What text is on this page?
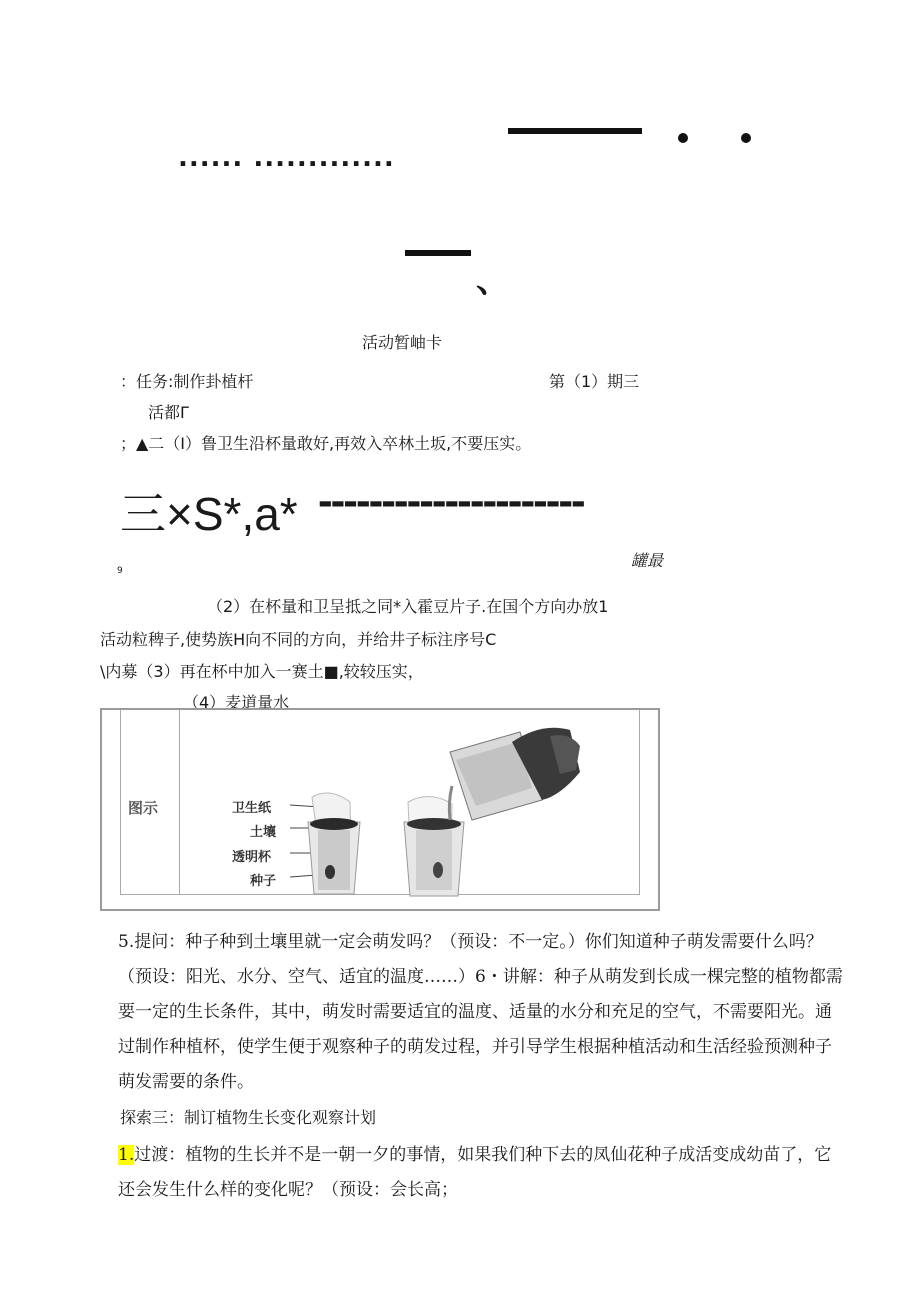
...... .............
、
活动暂岫卡
：任务:制作卦植杆	第（1）期三
活都Γ
；▲二（I）鲁卫生沿杯量敢好,再效入卒林土坂,不要压实。
三×S*,a* ---------------------
9
罐最
（2）在杯量和卫呈抵之同*入霍豆片子.在国个方向办放1
活动粒稗子,使势族H向不同的方向，并给井子标注序号C
\内募（3）再在杯中加入一赛土■,较较压实，
（4）麦道量水
图示	卫生纸
土壤
透明杯
种子
5.提问：种子种到土壤里就一定会萌发吗？（预设：不一定。）你们知道种子萌发需要什么吗？（预设：阳光、水分、空气、适宜的温度……）6・讲解：种子从萌发到长成一棵完整的植物都需要一定的生长条件，其中，萌发时需要适宜的温度、适量的水分和充足的空气，不需要阳光。通过制作种植杯，使学生便于观察种子的萌发过程，并引导学生根据种植活动和生活经验预测种子萌发需要的条件。
探索三：制订植物生长变化观察计划
1.过渡：植物的生长并不是一朝一夕的事情，如果我们种下去的凤仙花种子成活变成幼苗了，它还会发生什么样的变化呢？（预设：会长高；
